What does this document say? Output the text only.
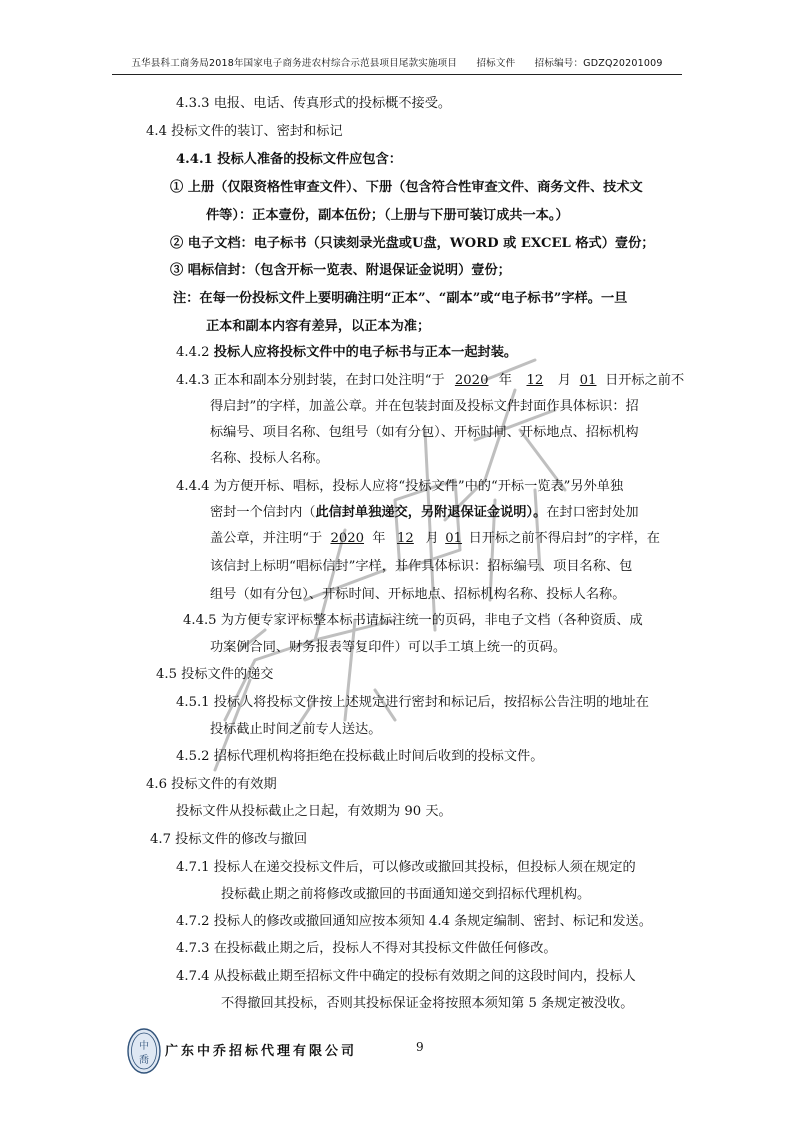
五华县科工商务局2018年国家电子商务进农村综合示范县项目尾款实施项目　　招标文件　　招标编号：GDZQ20201009
4.3.3 电报、电话、传真形式的投标概不接受。
4.4 投标文件的装订、密封和标记
4.4.1 投标人准备的投标文件应包含：
① 上册（仅限资格性审查文件）、下册（包含符合性审查文件、商务文件、技术文
件等）：正本壹份，副本伍份；（上册与下册可装订成共一本。）
② 电子文档：电子标书（只读刻录光盘或U盘，WORD 或 EXCEL 格式）壹份；
③ 唱标信封：（包含开标一览表、附退保证金说明）壹份；
注：在每一份投标文件上要明确注明“正本”、“副本”或“电子标书”字样。一旦
正本和副本内容有差异，以正本为准；
4.4.2 投标人应将投标文件中的电子标书与正本一起封装。
4.4.3 正本和副本分别封装，在封口处注明“于 2020 年 12 月 01 日开标之前不
得启封”的字样，加盖公章。并在包装封面及投标文件封面作具体标识：招
标编号、项目名称、包组号（如有分包）、开标时间、开标地点、招标机构
名称、投标人名称。
4.4.4 为方便开标、唱标，投标人应将“投标文件”中的“开标一览表”另外单独
密封一个信封内（此信封单独递交，另附退保证金说明）。在封口密封处加
盖公章，并注明“于 2020 年 12 月 01 日开标之前不得启封”的字样，在
该信封上标明“唱标信封”字样，并作具体标识：招标编号、项目名称、包
组号（如有分包）、开标时间、开标地点、招标机构名称、投标人名称。
4.4.5 为方便专家评标整本标书请标注统一的页码，非电子文档（各种资质、成
功案例合同、财务报表等复印件）可以手工填上统一的页码。
4.5 投标文件的递交
4.5.1 投标人将投标文件按上述规定进行密封和标记后，按招标公告注明的地址在
投标截止时间之前专人送达。
4.5.2 招标代理机构将拒绝在投标截止时间后收到的投标文件。
4.6 投标文件的有效期
投标文件从投标截止之日起，有效期为 90 天。
4.7 投标文件的修改与撤回
4.7.1 投标人在递交投标文件后，可以修改或撤回其投标，但投标人须在规定的
投标截止期之前将修改或撤回的书面通知递交到招标代理机构。
4.7.2 投标人的修改或撤回通知应按本须知 4.4 条规定编制、密封、标记和发送。
4.7.3 在投标截止期之后，投标人不得对其投标文件做任何修改。
4.7.4 从投标截止期至招标文件中确定的投标有效期之间的这段时间内，投标人
不得撤回其投标，否则其投标保证金将按照本须知第 5 条规定被没收。
中
喬
广东中乔招标代理有限公司	9
